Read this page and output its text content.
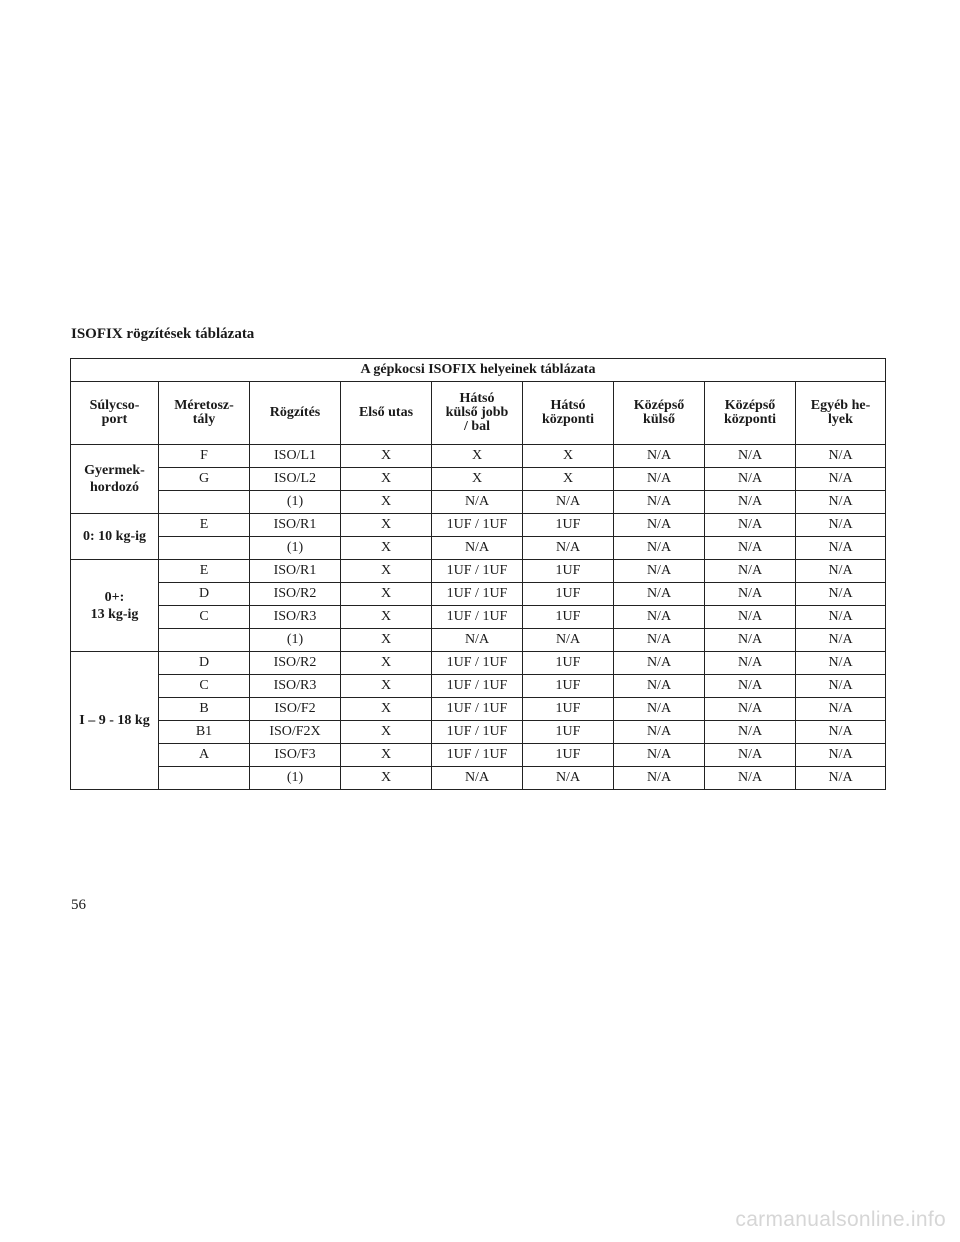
ISOFIX rögzítések táblázata
A gépkocsi ISOFIX helyeinek táblázata								
Súlycso-
port	Méretosz-
tály	Rögzítés	Első utas	Hátsó
külső jobb
/ bal	Hátsó
központi	Középső
külső	Középső
központi	Egyéb he-
lyek
Gyermek-
hordozó	F	ISO/L1	X	X	X	N/A	N/A	N/A
	G	ISO/L2	X	X	X	N/A	N/A	N/A
		(1)	X	N/A	N/A	N/A	N/A	N/A
0: 10 kg-ig	E	ISO/R1	X	1UF / 1UF	1UF	N/A	N/A	N/A
		(1)	X	N/A	N/A	N/A	N/A	N/A
0+:
13 kg-ig	E	ISO/R1	X	1UF / 1UF	1UF	N/A	N/A	N/A
	D	ISO/R2	X	1UF / 1UF	1UF	N/A	N/A	N/A
	C	ISO/R3	X	1UF / 1UF	1UF	N/A	N/A	N/A
		(1)	X	N/A	N/A	N/A	N/A	N/A
I – 9 - 18 kg	D	ISO/R2	X	1UF / 1UF	1UF	N/A	N/A	N/A
	C	ISO/R3	X	1UF / 1UF	1UF	N/A	N/A	N/A
	B	ISO/F2	X	1UF / 1UF	1UF	N/A	N/A	N/A
	B1	ISO/F2X	X	1UF / 1UF	1UF	N/A	N/A	N/A
	A	ISO/F3	X	1UF / 1UF	1UF	N/A	N/A	N/A
		(1)	X	N/A	N/A	N/A	N/A	N/A
56
carmanualsonline.info
